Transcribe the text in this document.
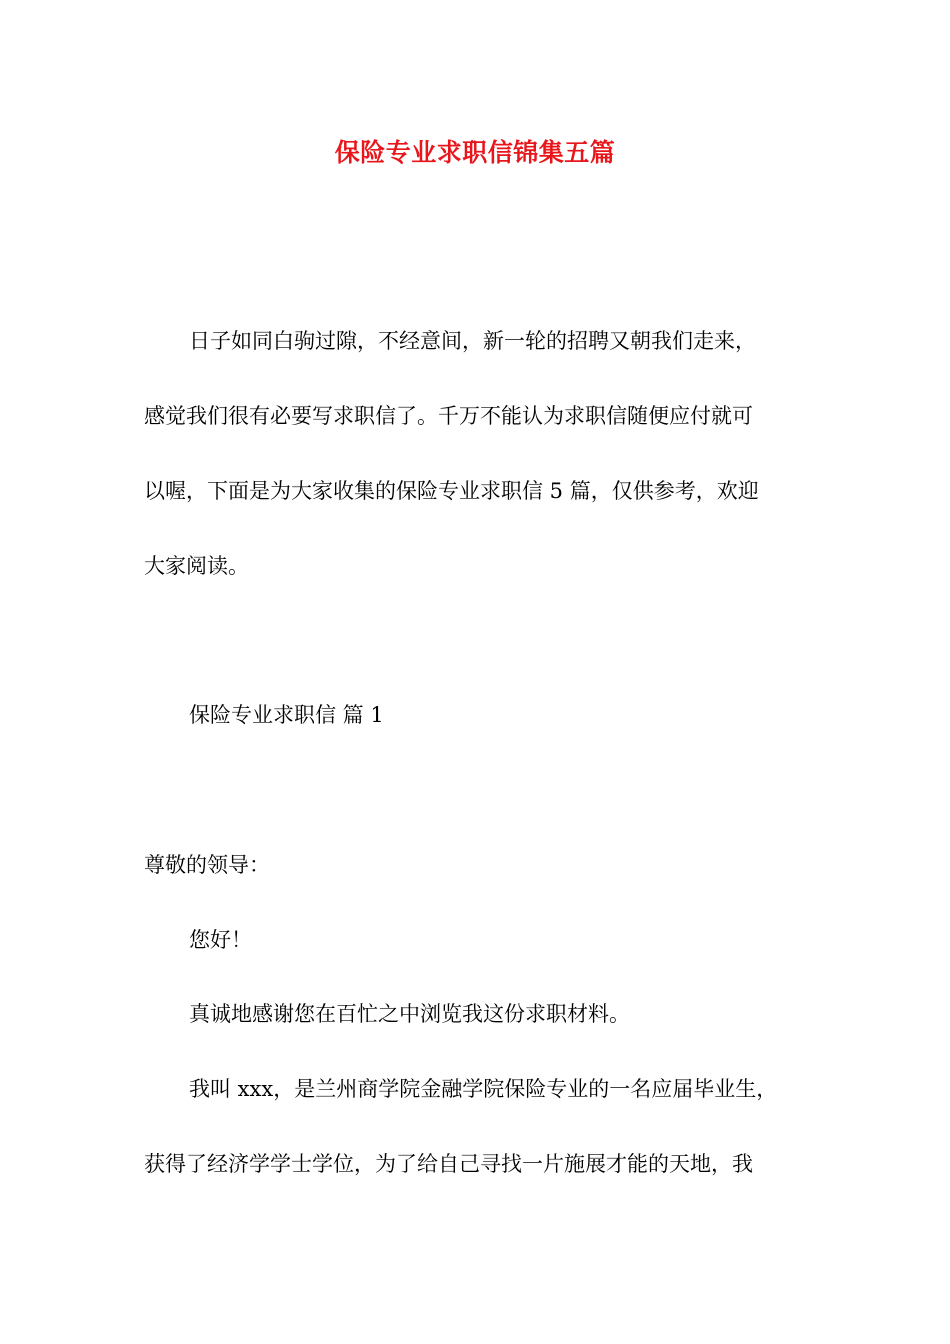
保险专业求职信锦集五篇
日子如同白驹过隙，不经意间，新一轮的招聘又朝我们走来，
感觉我们很有必要写求职信了。千万不能认为求职信随便应付就可
以喔，下面是为大家收集的保险专业求职信 5 篇，仅供参考，欢迎
大家阅读。
保险专业求职信 篇 1
尊敬的领导：
您好！
真诚地感谢您在百忙之中浏览我这份求职材料。
我叫 xxx，是兰州商学院金融学院保险专业的一名应届毕业生，
获得了经济学学士学位，为了给自己寻找一片施展才能的天地，我
